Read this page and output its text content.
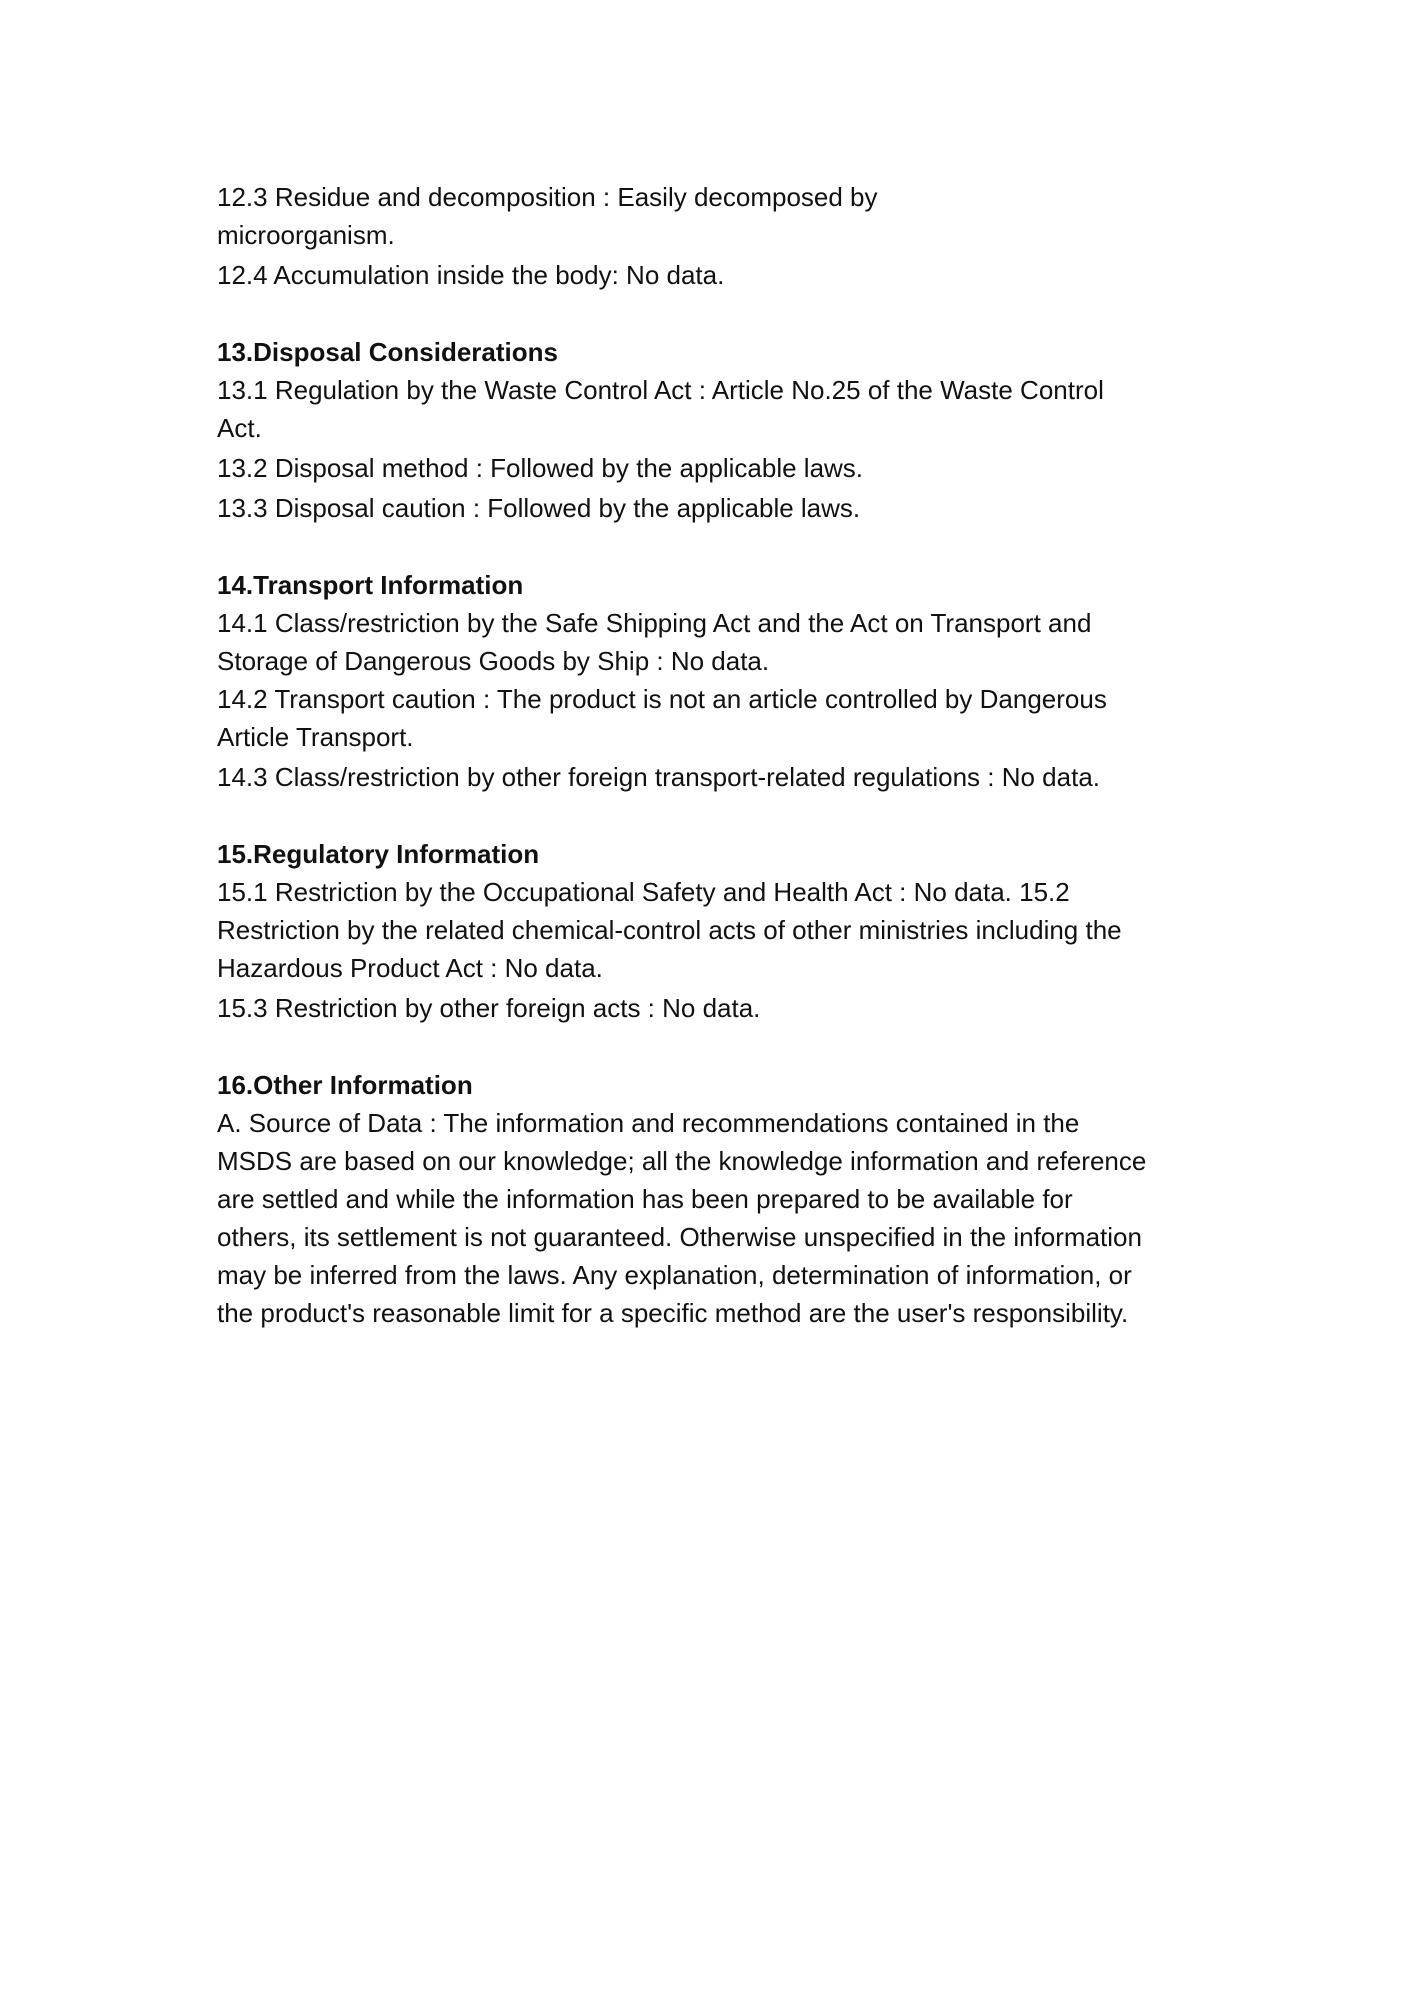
12.3 Residue and decomposition : Easily decomposed by

microorganism.

12.4 Accumulation inside the body: No data.

13.Disposal Considerations

13.1 Regulation by the Waste Control Act : Article No.25 of the Waste Control

Act.

13.2 Disposal method : Followed by the applicable laws.

13.3 Disposal caution : Followed by the applicable laws.

14.Transport Information

14.1 Class/restriction by the Safe Shipping Act and the Act on Transport and

Storage of Dangerous Goods by Ship : No data.

14.2 Transport caution : The product is not an article controlled by Dangerous

Article Transport.

14.3 Class/restriction by other foreign transport-related regulations : No data.

15.Regulatory Information

15.1 Restriction by the Occupational Safety and Health Act : No data. 15.2

Restriction by the related chemical-control acts of other ministries including the

Hazardous Product Act : No data.

15.3 Restriction by other foreign acts : No data.

16.Other Information

A. Source of Data : The information and recommendations contained in the

MSDS are based on our knowledge; all the knowledge information and reference

are settled and while the information has been prepared to be available for

others, its settlement is not guaranteed. Otherwise unspecified in the information

may be inferred from the laws. Any explanation, determination of information, or

the product's reasonable limit for a specific method are the user's responsibility.
